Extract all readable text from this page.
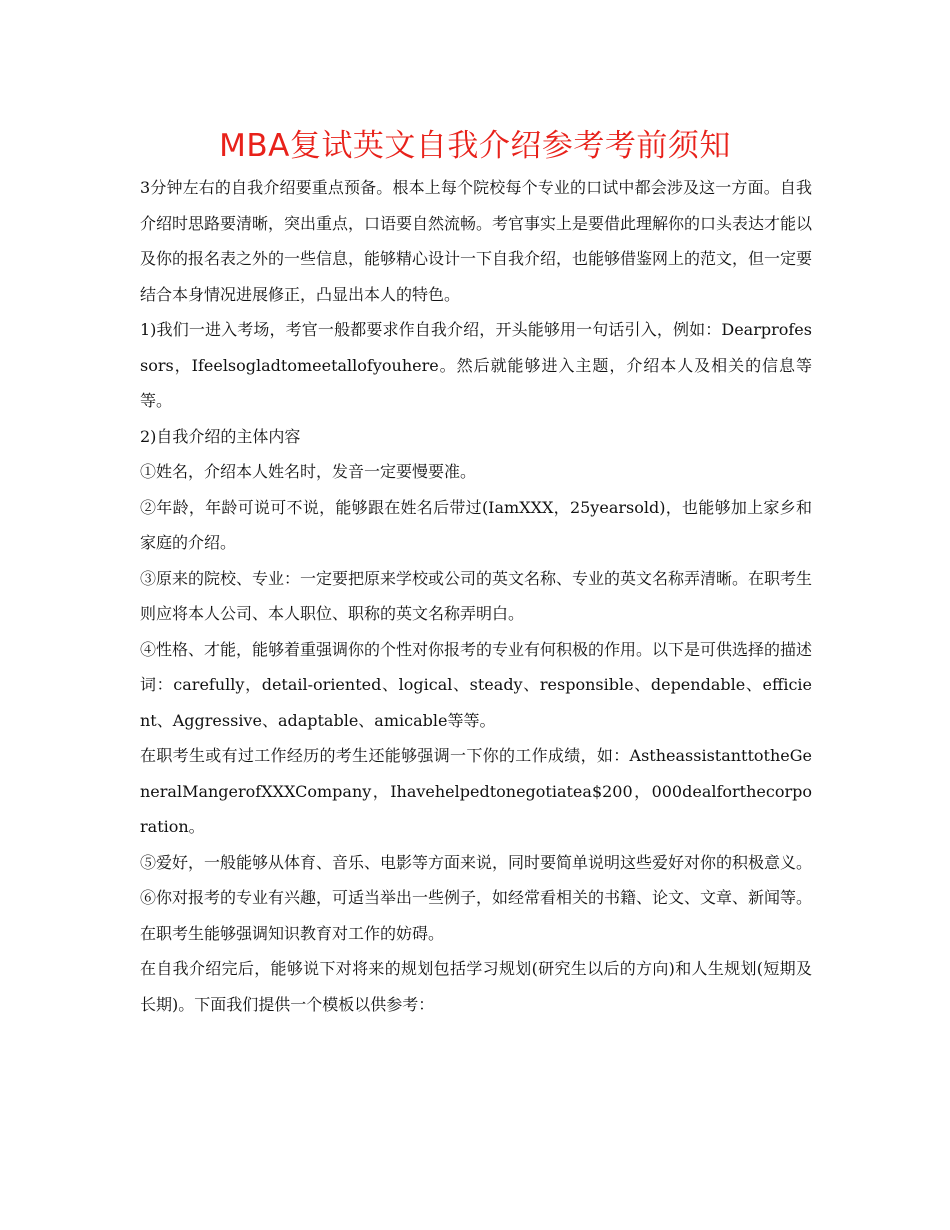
MBA复试英文自我介绍参考考前须知

3分钟左右的自我介绍要重点预备。根本上每个院校每个专业的口试中都会涉及这一方面。自我介绍时思路要清晰，突出重点，口语要自然流畅。考官事实上是要借此理解你的口头表达才能以及你的报名表之外的一些信息，能够精心设计一下自我介绍，也能够借鉴网上的范文，但一定要结合本身情况进展修正，凸显出本人的特色。

1)我们一进入考场，考官一般都要求作自我介绍，开头能够用一句话引入，例如：Dearprofessors，Ifeelsogladtomeetallofyouhere。然后就能够进入主题，介绍本人及相关的信息等等。

2)自我介绍的主体内容

①姓名，介绍本人姓名时，发音一定要慢要准。

②年龄，年龄可说可不说，能够跟在姓名后带过(IamXXX，25yearsold)，也能够加上家乡和家庭的介绍。

③原来的院校、专业：一定要把原来学校或公司的英文名称、专业的英文名称弄清晰。在职考生则应将本人公司、本人职位、职称的英文名称弄明白。

④性格、才能，能够着重强调你的个性对你报考的专业有何积极的作用。以下是可供选择的描述词：carefully，detail-oriented、logical、steady、responsible、dependable、efficient、Aggressive、adaptable、amicable等等。

在职考生或有过工作经历的考生还能够强调一下你的工作成绩，如：AstheassistanttotheGeneralMangerofXXXCompany，Ihavehelpedtonegotiatea$200，000dealforthecorporation。

⑤爱好，一般能够从体育、音乐、电影等方面来说，同时要简单说明这些爱好对你的积极意义。

⑥你对报考的专业有兴趣，可适当举出一些例子，如经常看相关的书籍、论文、文章、新闻等。在职考生能够强调知识教育对工作的妨碍。

在自我介绍完后，能够说下对将来的规划包括学习规划(研究生以后的方向)和人生规划(短期及长期)。下面我们提供一个模板以供参考：
